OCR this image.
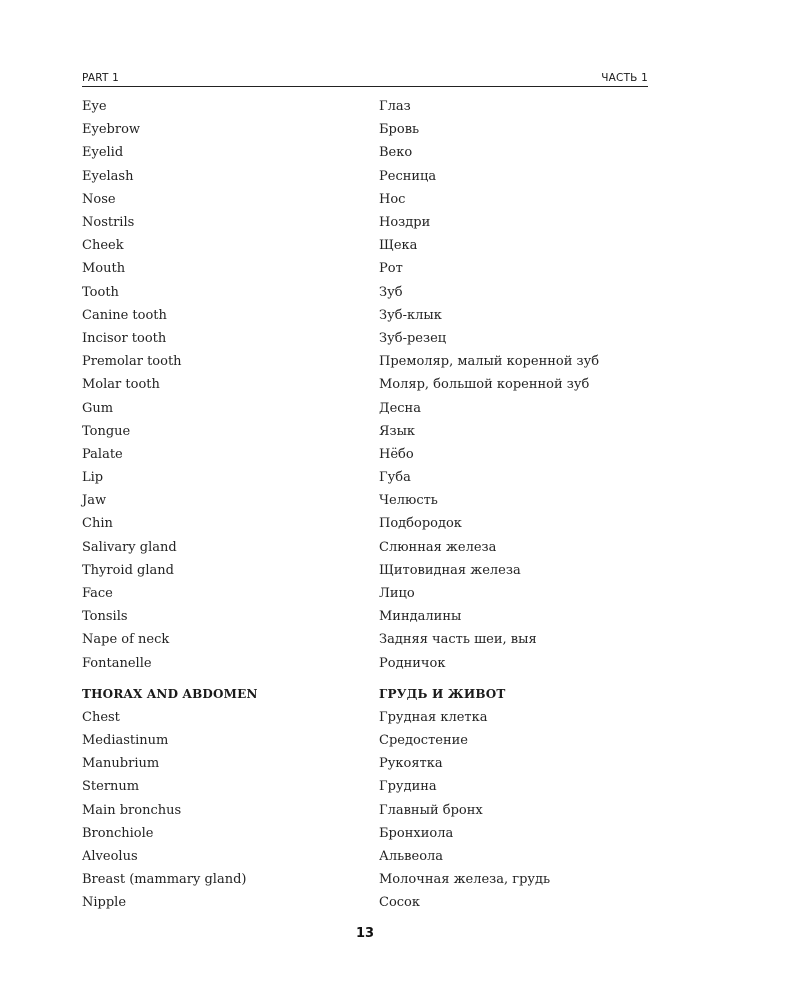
PART 1	ЧАСТЬ 1
Eye	Глаз
Eyebrow	Бровь
Eyelid	Веко
Eyelash	Ресница
Nose	Нос
Nostrils	Ноздри
Cheek	Щека
Mouth	Рот
Tooth	Зуб
Canine tooth	Зуб-клык
Incisor tooth	Зуб-резец
Premolar tooth	Премоляр, малый коренной зуб
Molar tooth	Моляр, большой коренной зуб
Gum	Десна
Tongue	Язык
Palate	Нёбо
Lip	Губа
Jaw	Челюсть
Chin	Подбородок
Salivary gland	Слюнная железа
Thyroid gland	Щитовидная железа
Face	Лицо
Tonsils	Миндалины
Nape of neck	Задняя часть шеи, выя
Fontanelle	Родничок
THORAX AND ABDOMEN	ГРУДЬ И ЖИВОТ
Chest	Грудная клетка
Mediastinum	Средостение
Manubrium	Рукоятка
Sternum	Грудина
Main bronchus	Главный бронх
Bronchiole	Бронхиола
Alveolus	Альвеола
Breast (mammary gland)	Молочная железа, грудь
Nipple	Сосок
13
